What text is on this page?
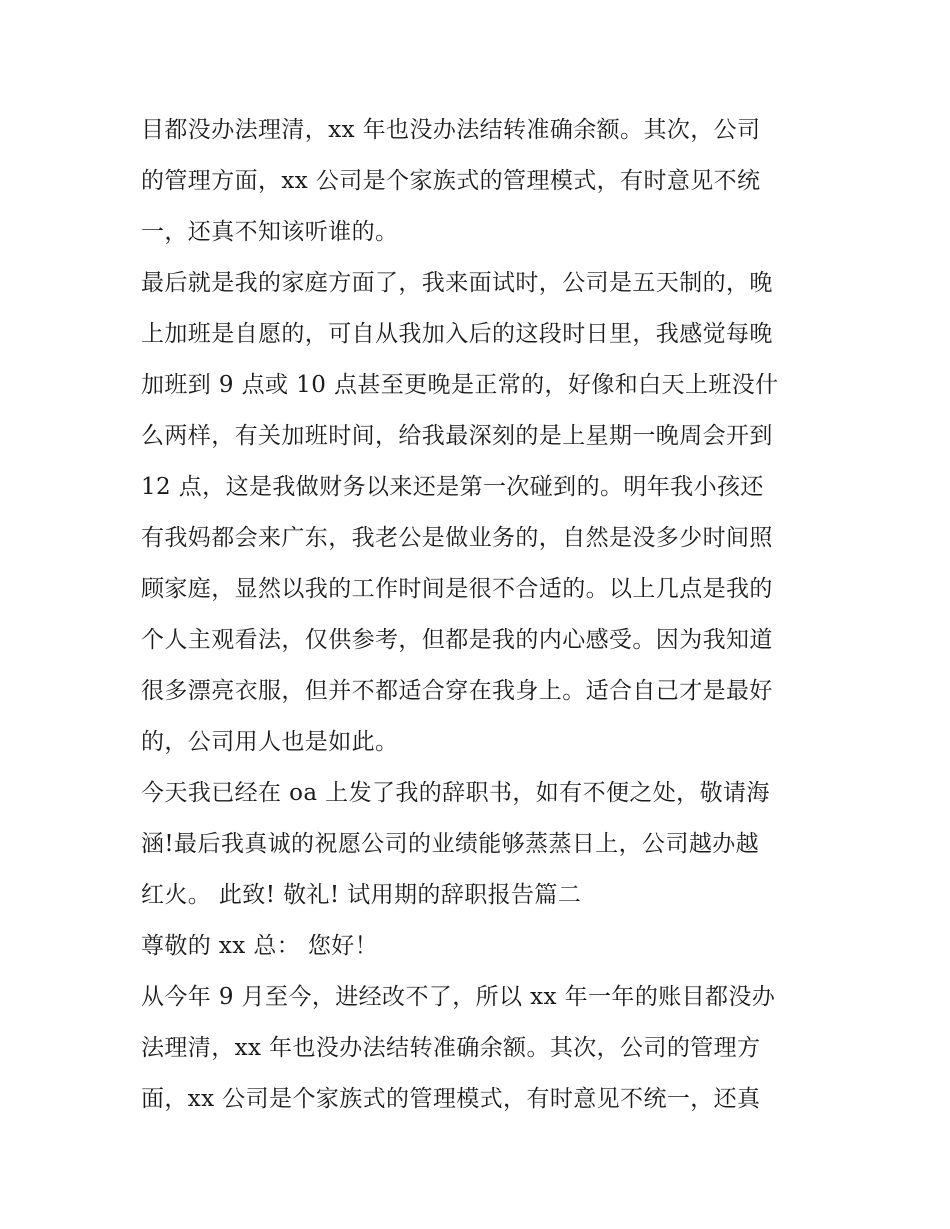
目都没办法理清，xx 年也没办法结转准确余额。其次，公司
的管理方面，xx 公司是个家族式的管理模式，有时意见不统
一，还真不知该听谁的。
最后就是我的家庭方面了，我来面试时，公司是五天制的，晚
上加班是自愿的，可自从我加入后的这段时日里，我感觉每晚
加班到 9 点或 10 点甚至更晚是正常的，好像和白天上班没什
么两样，有关加班时间，给我最深刻的是上星期一晚周会开到
12 点，这是我做财务以来还是第一次碰到的。明年我小孩还
有我妈都会来广东，我老公是做业务的，自然是没多少时间照
顾家庭，显然以我的工作时间是很不合适的。以上几点是我的
个人主观看法，仅供参考，但都是我的内心感受。因为我知道
很多漂亮衣服，但并不都适合穿在我身上。适合自己才是最好
的，公司用人也是如此。
今天我已经在 oa 上发了我的辞职书，如有不便之处，敬请海
涵!最后我真诚的祝愿公司的业绩能够蒸蒸日上，公司越办越
红火。 此致! 敬礼! 试用期的辞职报告篇二
尊敬的 xx 总： 您好！
从今年 9 月至今，进经改不了，所以 xx 年一年的账目都没办
法理清，xx 年也没办法结转准确余额。其次，公司的管理方
面，xx 公司是个家族式的管理模式，有时意见不统一，还真
